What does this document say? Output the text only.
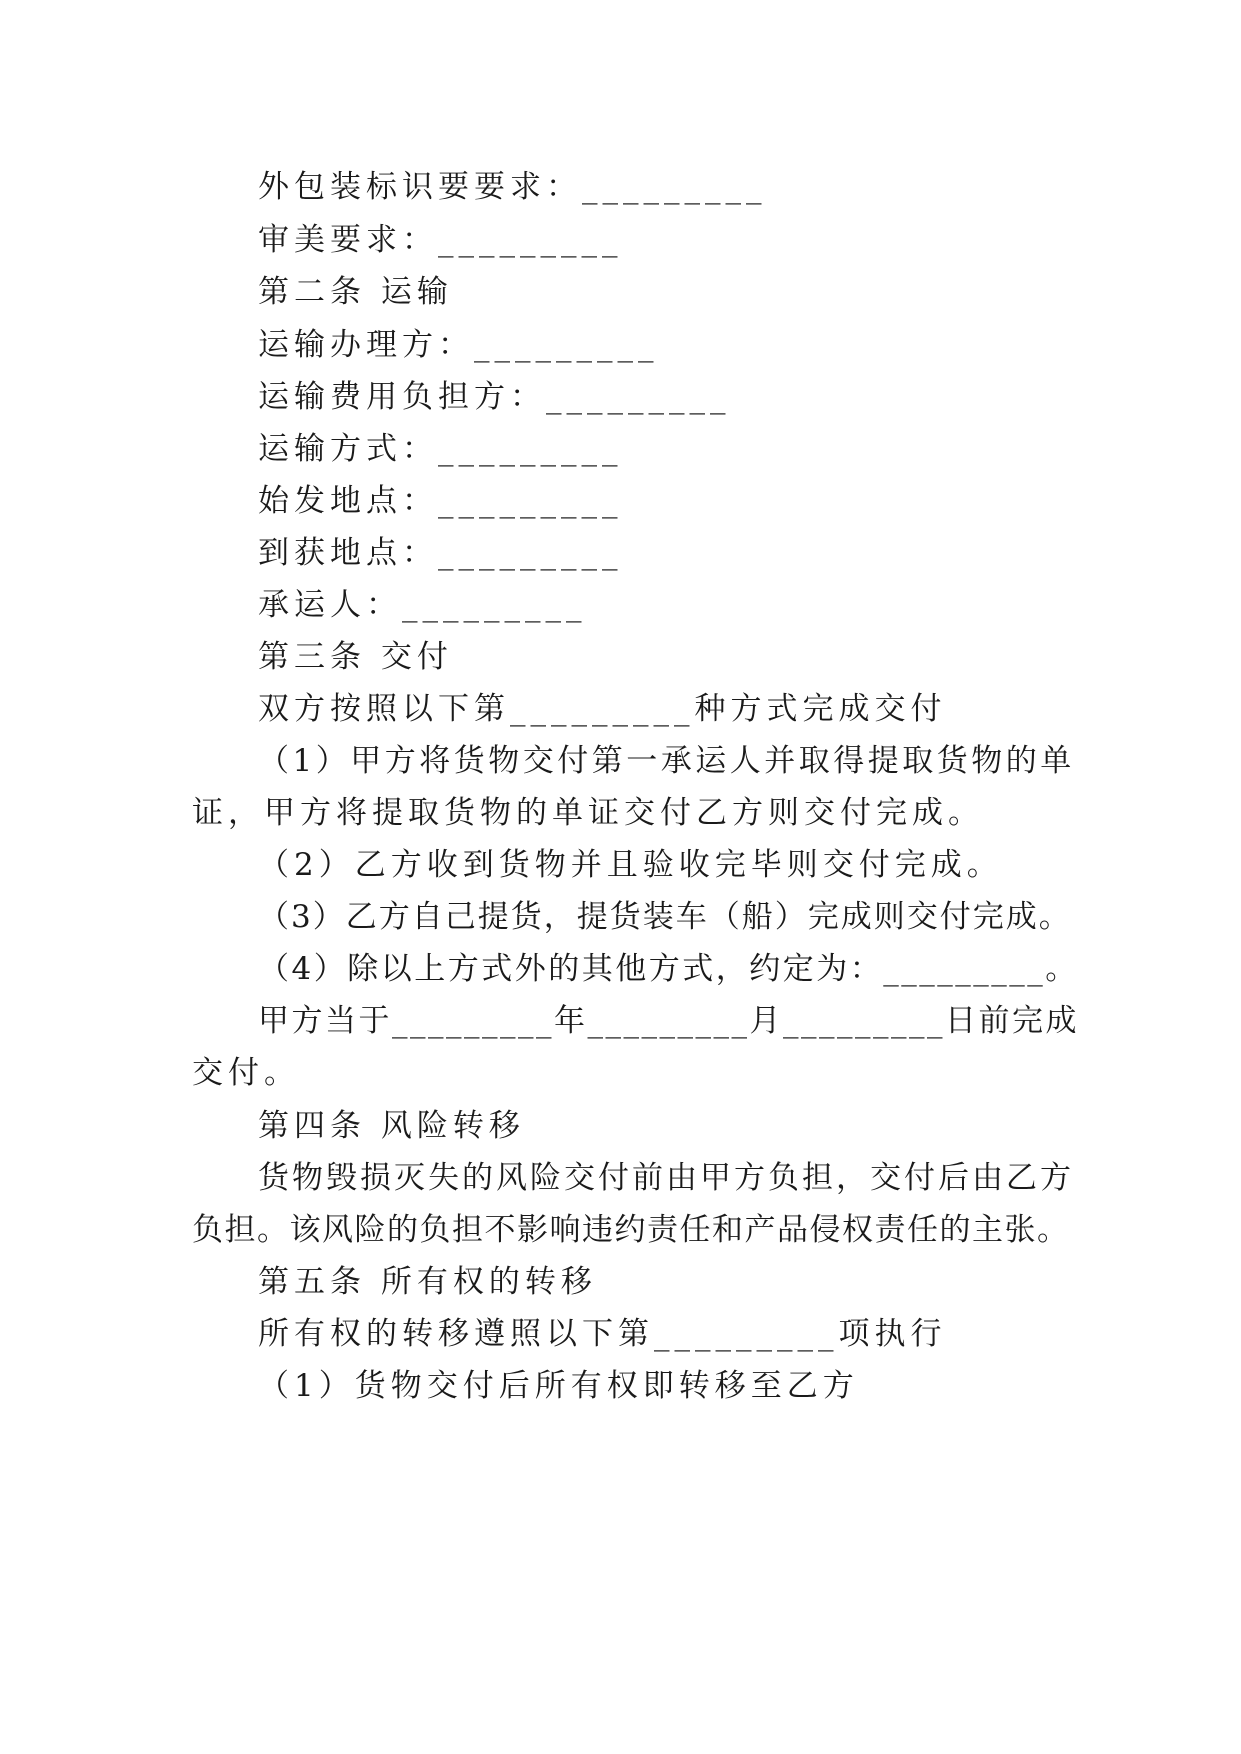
外包装标识要要求：_________

审美要求：_________

第二条 运输

运输办理方：_________

运输费用负担方：_________

运输方式：_________

始发地点：_________

到获地点：_________

承运人：_________

第三条 交付

双方按照以下第_________种方式完成交付

（1）甲方将货物交付第一承运人并取得提取货物的单

证，甲方将提取货物的单证交付乙方则交付完成。

（2）乙方收到货物并且验收完毕则交付完成。

（3）乙方自己提货，提货装车（船）完成则交付完成。

（4）除以上方式外的其他方式，约定为：_________。

甲方当于_________年_________月_________日前完成

交付。

第四条 风险转移

货物毁损灭失的风险交付前由甲方负担，交付后由乙方

负担。该风险的负担不影响违约责任和产品侵权责任的主张。

第五条 所有权的转移

所有权的转移遵照以下第_________项执行

（1）货物交付后所有权即转移至乙方
